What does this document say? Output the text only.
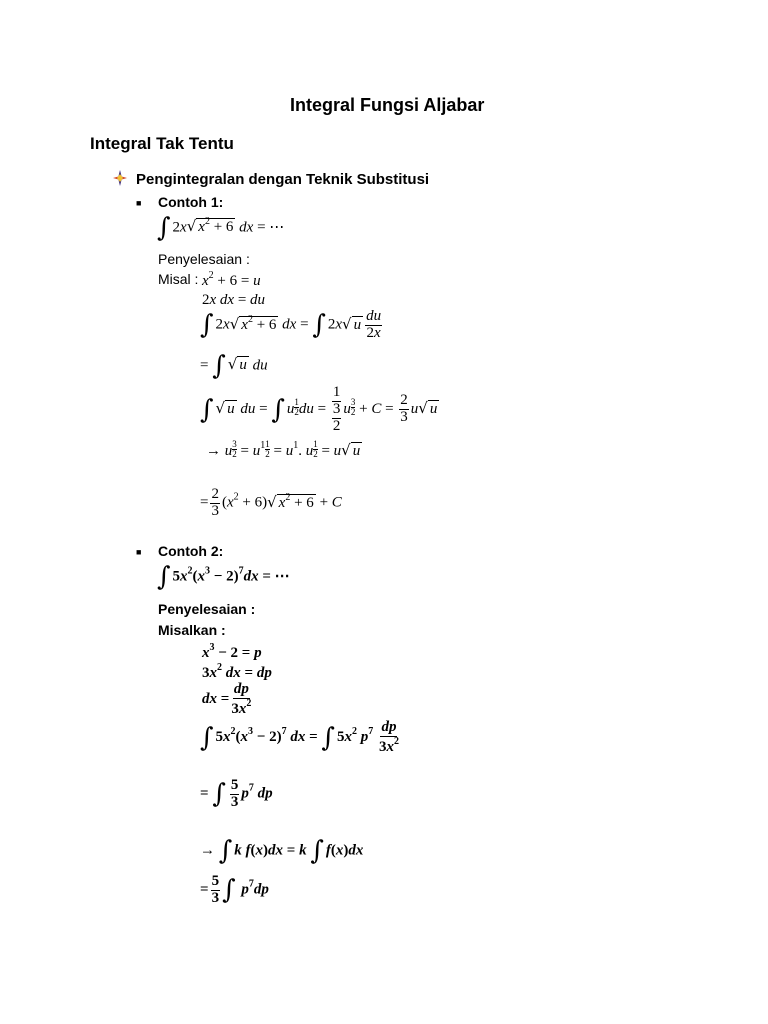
Integral Fungsi Aljabar
Integral Tak Tentu
Pengintegralan dengan Teknik Substitusi
■ Contoh 1:
∫ 2x√ $x^2 + 6$ dx = ⋯
Penyelesaian :
Misal : $x^2 + 6 = u$
2x dx = du
∫ 2x√ $x^2 + 6$ dx = ∫ 2x√ u $\frac{du}{2x}$
= ∫ √ u du
∫ √ u du = ∫ u $\frac{1}{2}$ du = $\frac{1}{\frac{3}{2}}$ u $\frac{3}{2} + C = \frac{2}{3} u√$ u
→ u $\frac{3}{2} = u^1 \frac{1}{2} = u^1$. u $\frac{1}{2} = u√$ u
= $\frac{2}{3} (x^2 + 6)√$ $x^2 + 6 + C$
■ Contoh 2:
∫ $5x^2(x^3 - 2)^7dx$ = ⋯
Penyelesaian :
Misalkan :
$x^3 - 2 = p$
$3x^2$ dx = dp
dx = $\frac{dp}{3x^2}$
∫ $5x^2(x^3 - 2)^7$ dx = ∫ $5x^2$ $p^7 \frac{dp}{3x^2}$
= ∫ $\frac{5}{3} p^7$ dp
→ ∫ k f(x)dx = k ∫ f(x)dx
= $\frac{5}{3}$ ∫ $p^7dp$
